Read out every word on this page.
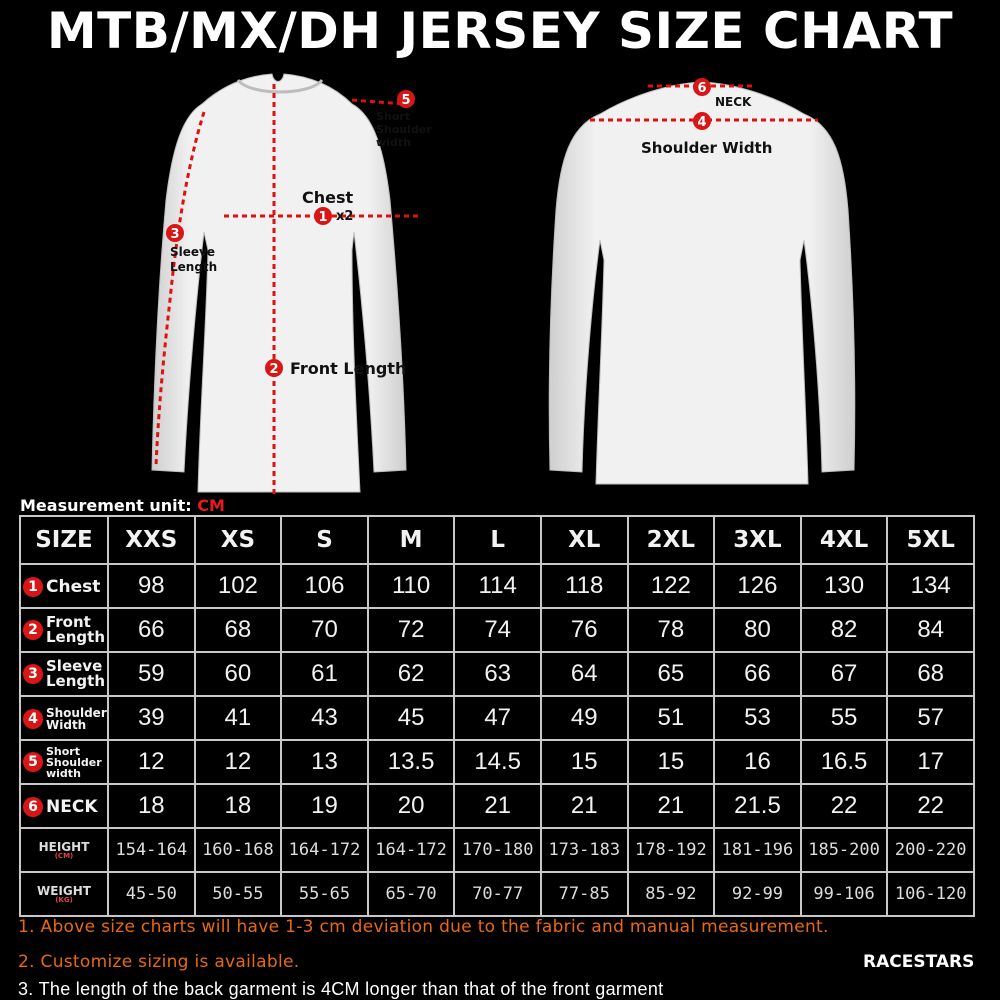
MTB/MX/DH JERSEY SIZE CHART
1
2
3
4
5
6
Chest
x2
Front Length
Sleeve
Length
Short
Shoulder
width
NECK
Shoulder Width
Measurement unit: CM
SIZE	XXS	XS	S	M	L	XL	2XL	3XL	4XL	5XL
1 Chest	98	102	106	110	114	118	122	126	130	134
2 Front
Length	66	68	70	72	74	76	78	80	82	84
3 Sleeve
Length	59	60	61	62	63	64	65	66	67	68
4 Shoulder
Width	39	41	43	45	47	49	51	53	55	57
5
Short
Shoulder
width	12	12	13	13.5	14.5	15	15	16	16.5	17
6 NECK	18	18	19	20	21	21	21	21.5	22	22

HEIGHT
(CM)	154-164	160-168	164-172	164-172	170-180	173-183	178-192	181-196	185-200	200-220

WEIGHT
(KG)	45-50	50-55	55-65	65-70	70-77	77-85	85-92	92-99	99-106	106-120
1. Above size charts will have 1-3 cm deviation due to the fabric and manual measurement.
2. Customize sizing is available.
3. The length of the back garment is 4CM longer than that of the front garment
RACESTARS
